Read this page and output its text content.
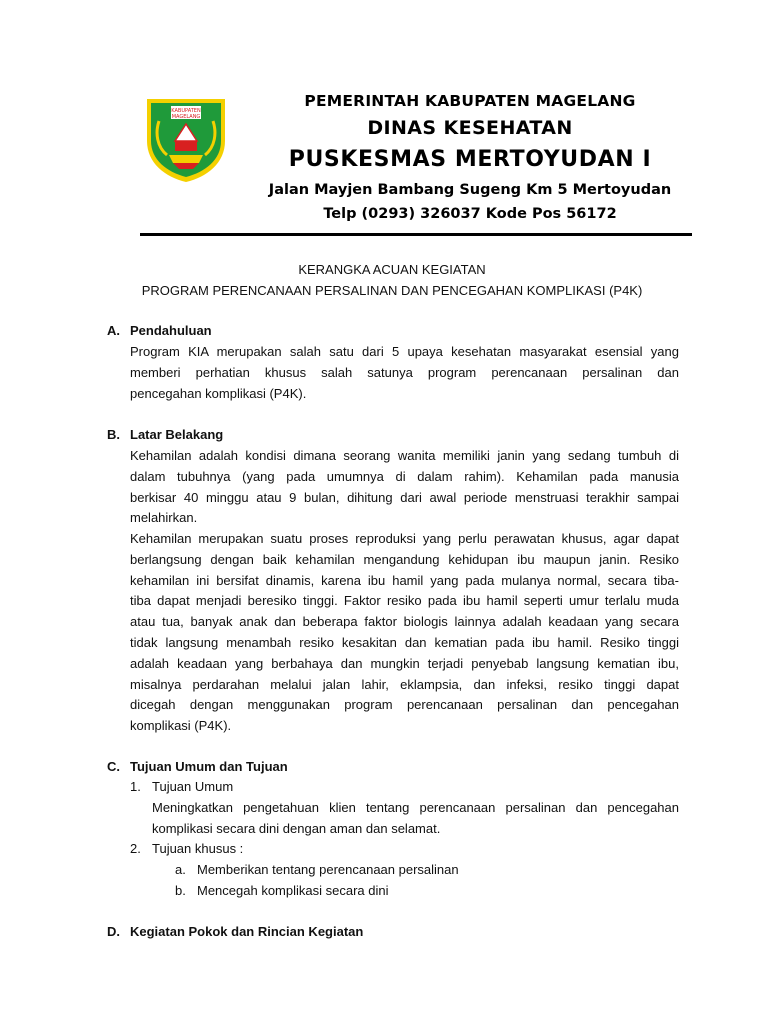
KABUPATEN
MAGELANG
PEMERINTAH KABUPATEN MAGELANG
DINAS KESEHATAN
PUSKESMAS MERTOYUDAN I
Jalan Mayjen Bambang Sugeng Km 5 Mertoyudan
Telp (0293) 326037 Kode Pos 56172
KERANGKA ACUAN KEGIATAN
PROGRAM PERENCANAAN PERSALINAN DAN PENCEGAHAN KOMPLIKASI (P4K)
A. Pendahuluan
Program KIA merupakan salah satu dari 5 upaya kesehatan masyarakat esensial yang
memberi perhatian khusus salah satunya program perencanaan persalinan dan
pencegahan komplikasi (P4K).
B. Latar Belakang
Kehamilan adalah kondisi dimana seorang wanita memiliki janin yang sedang tumbuh di
dalam tubuhnya (yang pada umumnya di dalam rahim). Kehamilan pada manusia
berkisar 40 minggu atau 9 bulan, dihitung dari awal periode menstruasi terakhir sampai
melahirkan.
Kehamilan merupakan suatu proses reproduksi yang perlu perawatan khusus, agar dapat
berlangsung dengan baik kehamilan mengandung kehidupan ibu maupun janin. Resiko
kehamilan ini bersifat dinamis, karena ibu hamil yang pada mulanya normal, secara tiba-
tiba dapat menjadi beresiko tinggi. Faktor resiko pada ibu hamil seperti umur terlalu muda
atau tua, banyak anak dan beberapa faktor biologis lainnya adalah keadaan yang secara
tidak langsung menambah resiko kesakitan dan kematian pada ibu hamil. Resiko tinggi
adalah keadaan yang berbahaya dan mungkin terjadi penyebab langsung kematian ibu,
misalnya perdarahan melalui jalan lahir, eklampsia, dan infeksi, resiko tinggi dapat
dicegah dengan menggunakan program perencanaan persalinan dan pencegahan
komplikasi (P4K).
C. Tujuan Umum dan Tujuan
1. Tujuan Umum
Meningkatkan pengetahuan klien tentang perencanaan persalinan dan pencegahan
komplikasi secara dini dengan aman dan selamat.
2. Tujuan khusus :
a. Memberikan tentang perencanaan persalinan
b. Mencegah komplikasi secara dini
D. Kegiatan Pokok dan Rincian Kegiatan
